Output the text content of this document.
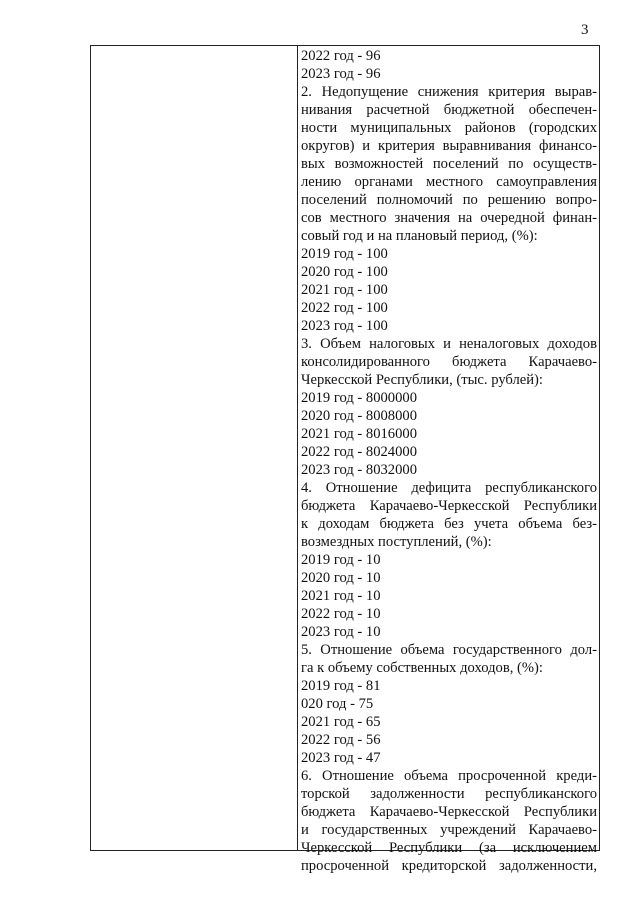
3
2022 год - 96
2023 год - 96
2. Недопущение снижения критерия вырав-
нивания расчетной бюджетной обеспечен-
ности муниципальных районов (городских
округов) и критерия выравнивания финансо-
вых возможностей поселений по осуществ-
лению органами местного самоуправления
поселений полномочий по решению вопро-
сов местного значения на очередной финан-
совый год и на плановый период, (%):
2019 год - 100
2020 год - 100
2021 год - 100
2022 год - 100
2023 год - 100
3. Объем налоговых и неналоговых доходов
консолидированного бюджета Карачаево-
Черкесской Республики, (тыс. рублей):
2019 год - 8000000
2020 год - 8008000
2021 год - 8016000
2022 год - 8024000
2023 год - 8032000
4. Отношение дефицита республиканского
бюджета Карачаево-Черкесской Республики
к доходам бюджета без учета объема без-
возмездных поступлений, (%):
2019 год - 10
2020 год - 10
2021 год - 10
2022 год - 10
2023 год - 10
5. Отношение объема государственного дол-
га к объему собственных доходов, (%):
2019 год - 81
020 год - 75
2021 год - 65
2022 год - 56
2023 год - 47
6. Отношение объема просроченной креди-
торской задолженности республиканского
бюджета Карачаево-Черкесской Республики
и государственных учреждений Карачаево-
Черкесской Республики (за исключением
просроченной кредиторской задолженности,
